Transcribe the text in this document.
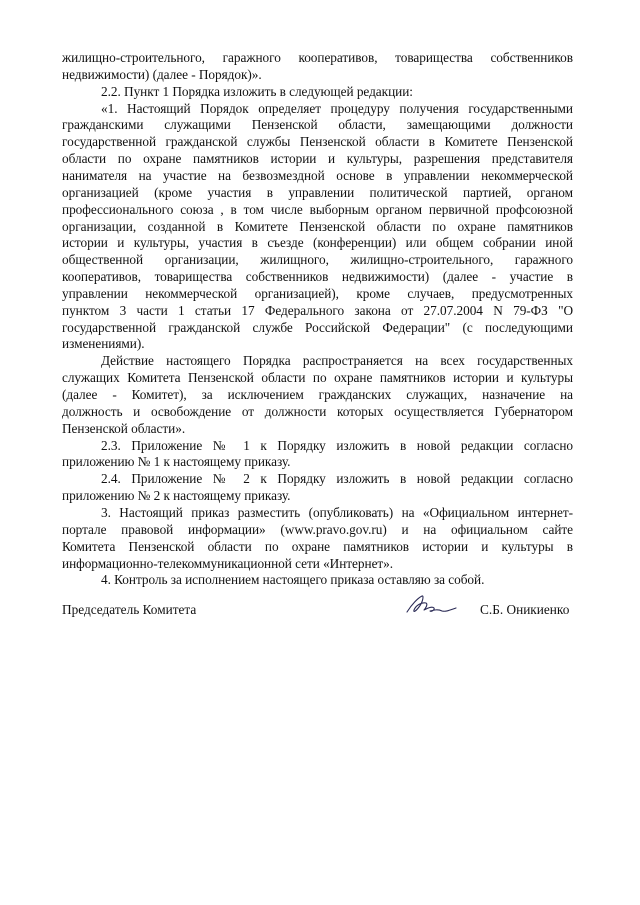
жилищно-строительного, гаражного кооперативов, товарищества собственников
недвижимости) (далее - Порядок)».
2.2. Пункт 1 Порядка изложить в следующей редакции:
«1. Настоящий Порядок определяет процедуру получения государственными
гражданскими служащими Пензенской области, замещающими должности
государственной гражданской службы Пензенской области в Комитете Пензенской
области по охране памятников истории и культуры, разрешения представителя
нанимателя на участие на безвозмездной основе в управлении некоммерческой
организацией (кроме участия в управлении политической партией, органом
профессионального союза , в том числе выборным органом первичной профсоюзной
организации, созданной в Комитете Пензенской области по охране памятников
истории и культуры, участия в съезде (конференции) или общем собрании иной
общественной организации, жилищного, жилищно-строительного, гаражного
кооперативов, товарищества собственников недвижимости) (далее - участие в
управлении некоммерческой организацией), кроме случаев, предусмотренных
пунктом 3 части 1 статьи 17 Федерального закона от 27.07.2004 N 79-ФЗ "О
государственной гражданской службе Российской Федерации" (с последующими
изменениями).
Действие настоящего Порядка распространяется на всех государственных
служащих Комитета Пензенской области по охране памятников истории и культуры
(далее - Комитет), за исключением гражданских служащих, назначение на
должность и освобождение от должности которых осуществляется Губернатором
Пензенской области».
2.3. Приложение № 1 к Порядку изложить в новой редакции согласно
приложению № 1 к настоящему приказу.
2.4. Приложение № 2 к Порядку изложить в новой редакции согласно
приложению № 2 к настоящему приказу.
3. Настоящий приказ разместить (опубликовать) на «Официальном интернет-
портале правовой информации» (www.pravo.gov.ru) и на официальном сайте
Комитета Пензенской области по охране памятников истории и культуры в
информационно-телекоммуникационной сети «Интернет».
4. Контроль за исполнением настоящего приказа оставляю за собой.
Председатель Комитета	С.Б. Оникиенко
